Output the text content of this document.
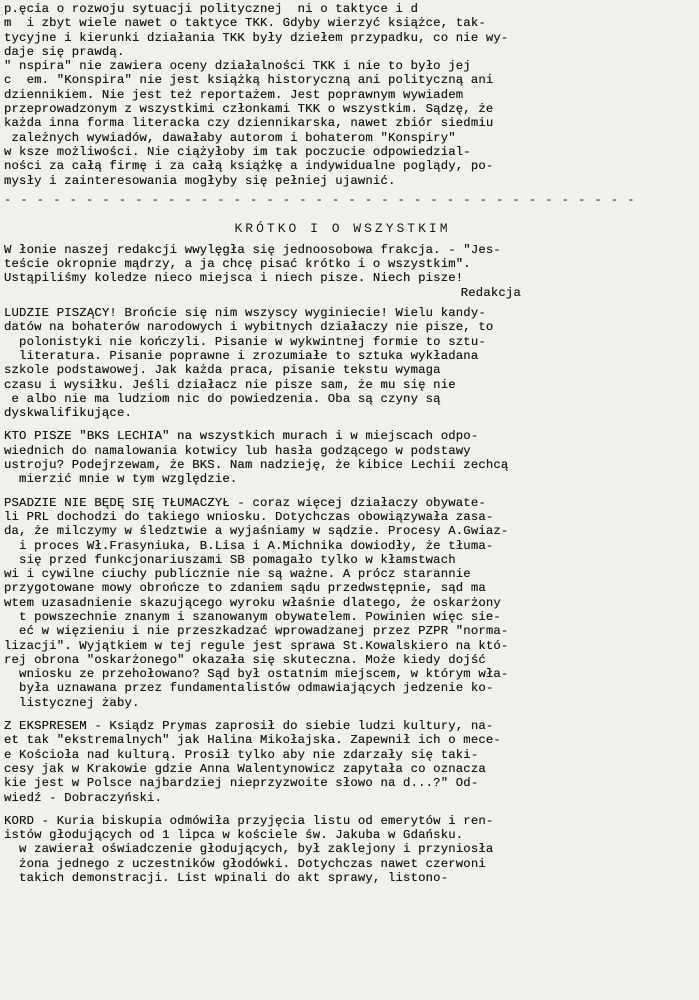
p.ęcia o rozwoju sytuacji politycznej  ni o taktyce i d
m  i zbyt wiele nawet o taktyce TKK. Gdyby wierzyć książce, tak-
tycyjne i kierunki działania TKK były dziełem przypadku, co nie wy-
daje się prawdą.
" nspira" nie zawiera oceny działalności TKK i nie to było jej
c  em. "Konspira" nie jest książką historyczną ani polityczną ani
dziennikiem. Nie jest też reportażem. Jest poprawnym wywiadem
przeprowadzonym z wszystkimi członkami TKK o wszystkim. Sądzę, że
każda inna forma literacka czy dziennikarska, nawet zbiór siedmiu
zależnych wywiadów, dawałaby autorom i bohaterom "Konspiry"
w ksze możliwości. Nie ciążyłoby im tak poczucie odpowiedzial-
ności za całą firmę i za całą książkę a indywidualne poglądy, po-
mysły i zainteresowania mogłyby się pełniej ujawnić.
- - - - - - - - - - - - - - - - - - - - - - - - - - - - - - - - - - - - - - -
KRÓTKO I O WSZYSTKIM
W łonie naszej redakcji wwylęgła się jednoosobowa frakcja. - "Jes-
teście okropnie mądrzy, a ja chcę pisać krótko i o wszystkim".
Ustąpiliśmy koledze nieco miejsca i niech pisze. Niech pisze!
Redakcja
LUDZIE PISZĄCY! Brońcie się nim wszyscy wyginiecie! Wielu kandy-
datów na bohaterów narodowych i wybitnych działaczy nie pisze, to
polonistyki nie kończyli. Pisanie w wykwintnej formie to sztu-
literatura. Pisanie poprawne i zrozumiałe to sztuka wykładana
szkole podstawowej. Jak każda praca, pisanie tekstu wymaga
czasu i wysiłku. Jeśli działacz nie pisze sam, że mu się nie
e albo nie ma ludziom nic do powiedzenia. Oba są czyny są
dyskwalifikujące.
KTO PISZE "BKS LECHIA" na wszystkich murach i w miejscach odpo-
wiednich do namalowania kotwicy lub hasła godzącego w podstawy
ustroju? Podejrzewam, że BKS. Nam nadzieję, że kibice Lechii zechcą
mierzić mnie w tym względzie.
PSADZIE NIE BĘDĘ SIĘ TŁUMACZYŁ - coraz więcej działaczy obywate-
li PRL dochodzi do takiego wniosku. Dotychczas obowiązywała zasa-
da, że milczymy w śledztwie a wyjaśniamy w sądzie. Procesy A.Gwiaz-
i proces Wł.Frasyniuka, B.Lisa i A.Michnika dowiodły, że tłuma-
się przed funkcjonariuszami SB pomagało tylko w kłamstwach
wi i cywilne ciuchy publicznie nie są ważne. A prócz starannie
przygotowane mowy obrończe to zdaniem sądu przedwstępnie, sąd ma
wtem uzasadnienie skazującego wyroku właśnie dlatego, że oskarżony
t powszechnie znanym i szanowanym obywatelem. Powinien więc sie-
eć w więzieniu i nie przeszkadzać wprowadzanej przez PZPR "norma-
lizacji". Wyjątkiem w tej regule jest sprawa St.Kowalskiero na któ-
rej obrona "oskarżonego" okazała się skuteczna. Może kiedy dojść
wniosku ze przehołowano? Sąd był ostatnim miejscem, w którym wła-
była uznawana przez fundamentalistów odmawiających jedzenie ko-
listycznej żaby.
Z EKSPRESEM - Ksiądz Prymas zaprosił do siebie ludzi kultury, na-
et tak "ekstremalnych" jak Halina Mikołajska. Zapewnił ich o mece-
e Kościoła nad kulturą. Prosił tylko aby nie zdarzały się taki-
cesy jak w Krakowie gdzie Anna Walentynowicz zapytała co oznacza
kie jest w Polsce najbardziej nieprzyzwoite słowo na d...?" Od-
wiedź - Dobraczyński.
KORD - Kuria biskupia odmówiła przyjęcia listu od emerytów i ren-
istów głodujących od 1 lipca w kościele św. Jakuba w Gdańsku.
w zawierał oświadczenie głodujących, był zaklejony i przyniosła
żona jednego z uczestników głodówki. Dotychczas nawet czerwoni
takich demonstracji. List wpinali do akt sprawy, listono-
